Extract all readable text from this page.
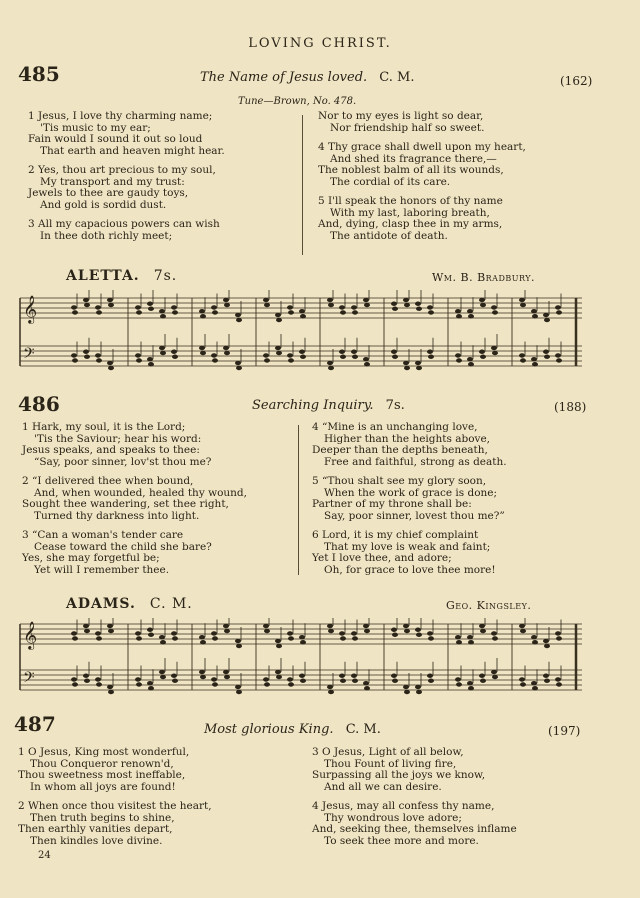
LOVING CHRIST.
485	The Name of Jesus loved. C. M.	(162)
Tune—Brown, No. 478.
1 Jesus, I love thy charming name;
'Tis music to my ear;
Fain would I sound it out so loud
That earth and heaven might hear.
2 Yes, thou art precious to my soul,
My transport and my trust:
Jewels to thee are gaudy toys,
And gold is sordid dust.
3 All my capacious powers can wish
In thee doth richly meet;
Nor to my eyes is light so dear,
Nor friendship half so sweet.
4 Thy grace shall dwell upon my heart,
And shed its fragrance there,—
The noblest balm of all its wounds,
The cordial of its care.
5 I'll speak the honors of thy name
With my last, laboring breath,
And, dying, clasp thee in my arms,
The antidote of death.
ALETTA. 7s.	Wm. B. Bradbury.
𝄞
𝄢
486	Searching Inquiry. 7s.	(188)
1 Hark, my soul, it is the Lord;
'Tis the Saviour; hear his word:
Jesus speaks, and speaks to thee:
“Say, poor sinner, lov'st thou me?
2 “I delivered thee when bound,
And, when wounded, healed thy wound,
Sought thee wandering, set thee right,
Turned thy darkness into light.
3 “Can a woman's tender care
Cease toward the child she bare?
Yes, she may forgetful be;
Yet will I remember thee.
4 “Mine is an unchanging love,
Higher than the heights above,
Deeper than the depths beneath,
Free and faithful, strong as death.
5 “Thou shalt see my glory soon,
When the work of grace is done;
Partner of my throne shall be:
Say, poor sinner, lovest thou me?”
6 Lord, it is my chief complaint
That my love is weak and faint;
Yet I love thee, and adore;
Oh, for grace to love thee more!
ADAMS. C. M.	Geo. Kingsley.
𝄞
𝄢
487	Most glorious King. C. M.	(197)
1 O Jesus, King most wonderful,
Thou Conqueror renown'd,
Thou sweetness most ineffable,
In whom all joys are found!
2 When once thou visitest the heart,
Then truth begins to shine,
Then earthly vanities depart,
Then kindles love divine.
3 O Jesus, Light of all below,
Thou Fount of living fire,
Surpassing all the joys we know,
And all we can desire.
4 Jesus, may all confess thy name,
Thy wondrous love adore;
And, seeking thee, themselves inflame
To seek thee more and more.
24
